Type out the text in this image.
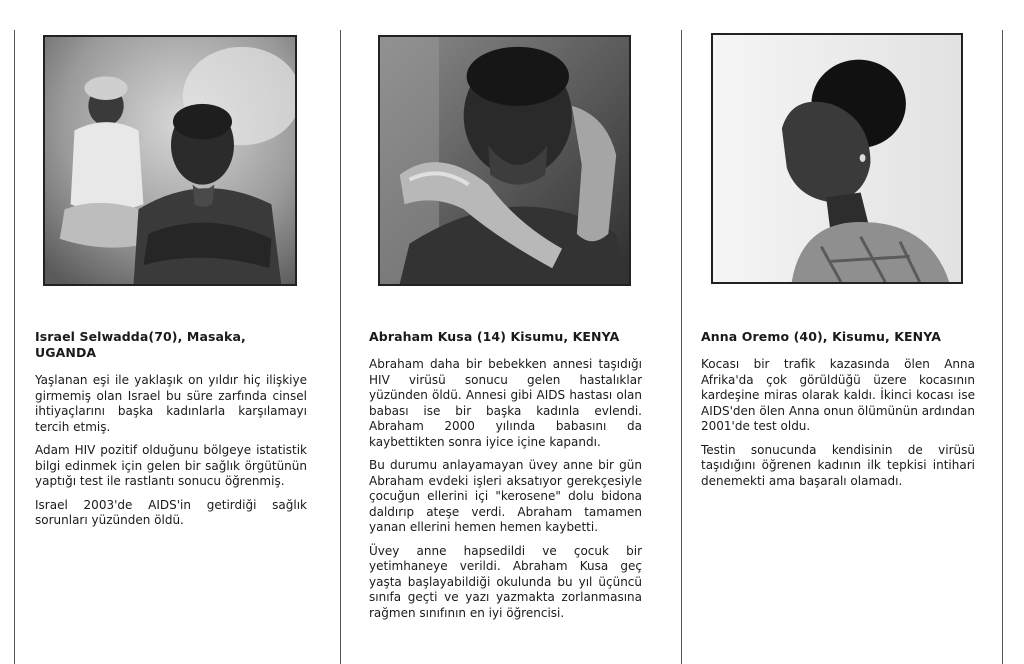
Israel Selwadda(70), Masaka, UGANDA

Yaşlanan eşi ile yaklaşık on yıldır hiç ilişkiye girmemiş olan Israel bu süre zarfında cinsel ihtiyaçlarını başka kadınlarla karşılamayı tercih etmiş.

Adam HIV pozitif olduğunu bölgeye istatistik bilgi edinmek için gelen bir sağlık örgütünün yaptığı test ile rastlantı sonucu öğrenmiş.

Israel 2003'de AIDS'in getirdiği sağlık sorunları yüzünden öldü.

Abraham Kusa (14) Kisumu, KENYA

Abraham daha bir bebekken annesi taşıdığı HIV virüsü sonucu gelen hastalıklar yüzünden öldü. Annesi gibi AIDS hastası olan babası ise bir başka kadınla evlendi. Abraham 2000 yılında babasını da kaybettikten sonra iyice içine kapandı.

Bu durumu anlayamayan üvey anne bir gün Abraham evdeki işleri aksatıyor gerekçesiyle çocuğun ellerini içi "kerosene" dolu bidona daldırıp ateşe verdi. Abraham tamamen yanan ellerini hemen hemen kaybetti.

Üvey anne hapsedildi ve çocuk bir yetimhaneye verildi. Abraham Kusa geç yaşta başlayabildiği okulunda bu yıl üçüncü sınıfa geçti ve yazı yazmakta zorlanmasına rağmen sınıfının en iyi öğrencisi.

Anna Oremo (40), Kisumu, KENYA

Kocası bir trafik kazasında ölen Anna Afrika'da çok görüldüğü üzere kocasının kardeşine miras olarak kaldı. İkinci kocası ise AIDS'den ölen Anna onun ölümünün ardından 2001'de test oldu.

Testin sonucunda kendisinin de virüsü taşıdığını öğrenen kadının ilk tepkisi intihari denemekti ama başaralı olamadı.
